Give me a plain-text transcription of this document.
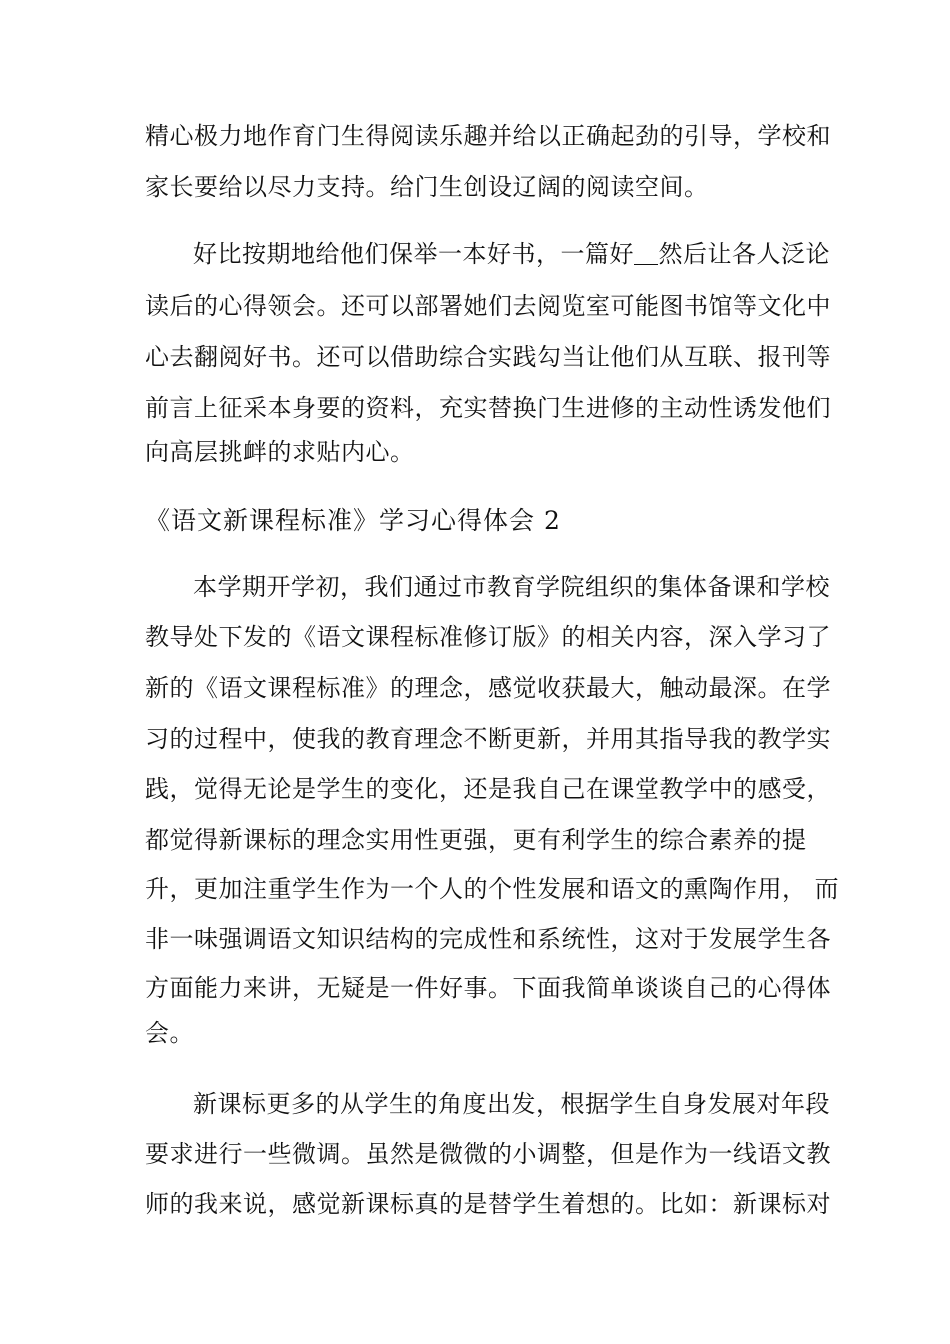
精心极力地作育门生得阅读乐趣并给以正确起劲的引导，学校和
家长要给以尽力支持。给门生创设辽阔的阅读空间。
好比按期地给他们保举一本好书，一篇好＿然后让各人泛论
读后的心得领会。还可以部署她们去阅览室可能图书馆等文化中
心去翻阅好书。还可以借助综合实践勾当让他们从互联、报刊等
前言上征采本身要的资料，充实替换门生进修的主动性诱发他们
向高层挑衅的求贴内心。
《语文新课程标准》学习心得体会 2
本学期开学初，我们通过市教育学院组织的集体备课和学校
教导处下发的《语文课程标准修订版》的相关内容，深入学习了
新的《语文课程标准》的理念，感觉收获最大，触动最深。在学
习的过程中，使我的教育理念不断更新，并用其指导我的教学实
践，觉得无论是学生的变化，还是我自己在课堂教学中的感受，
都觉得新课标的理念实用性更强，更有利学生的综合素养的提
升，更加注重学生作为一个人的个性发展和语文的熏陶作用， 而
非一味强调语文知识结构的完成性和系统性，这对于发展学生各
方面能力来讲，无疑是一件好事。下面我简单谈谈自己的心得体
会。
新课标更多的从学生的角度出发，根据学生自身发展对年段
要求进行一些微调。虽然是微微的小调整，但是作为一线语文教
师的我来说，感觉新课标真的是替学生着想的。比如：新课标对
